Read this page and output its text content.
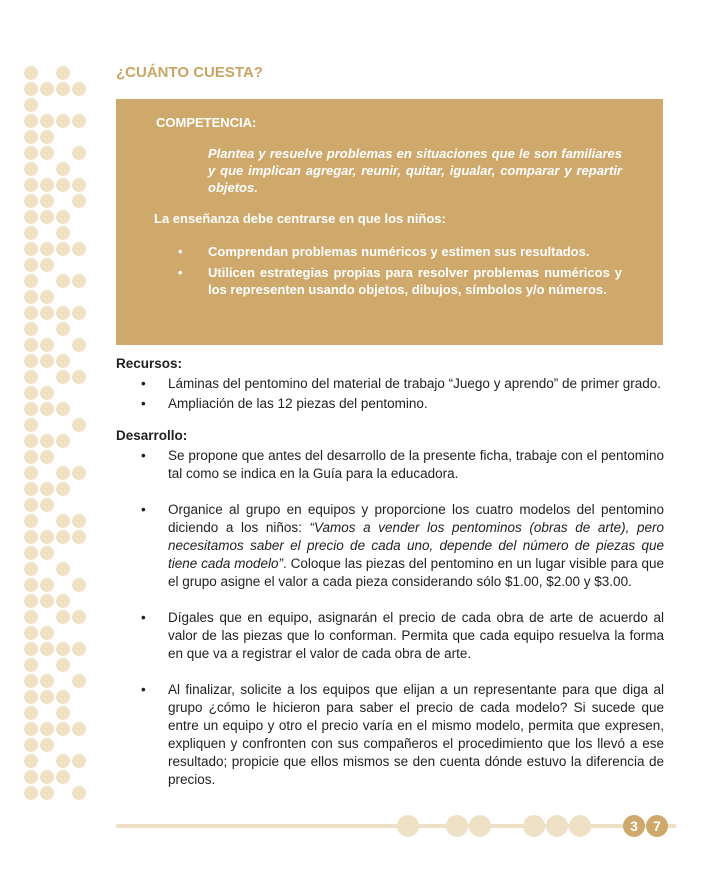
¿CUÁNTO CUESTA?
COMPETENCIA:
Plantea y resuelve problemas en situaciones que le son familiares y que implican agregar, reunir, quitar, igualar, comparar y repartir objetos.
La enseñanza debe centrarse en que los niños:
• Comprendan problemas numéricos y estimen sus resultados.
• Utilicen estrategias propias para resolver problemas numéricos y los representen usando objetos, dibujos, símbolos y/o números.
Recursos:
• Láminas del pentomino del material de trabajo “Juego y aprendo” de primer grado.
• Ampliación de las 12 piezas del pentomino.
Desarrollo:
• Se propone que antes del desarrollo de la presente ficha, trabaje con el pentomino tal como se indica en la Guía para la educadora.
• Organice al grupo en equipos y proporcione los cuatro modelos del pentomino diciendo a los niños: “Vamos a vender los pentominos (obras de arte), pero necesitamos saber el precio de cada uno, depende del número de piezas que tiene cada modelo”. Coloque las piezas del pentomino en un lugar visible para que el grupo asigne el valor a cada pieza considerando sólo $1.00, $2.00 y $3.00.
• Dígales que en equipo, asignarán el precio de cada obra de arte de acuerdo al valor de las piezas que lo conforman. Permita que cada equipo resuelva la forma en que va a registrar el valor de cada obra de arte.
• Al finalizar, solicite a los equipos que elijan a un representante para que diga al grupo ¿cómo le hicieron para saber el precio de cada modelo? Si sucede que entre un equipo y otro el precio varía en el mismo modelo, permita que expresen, expliquen y confronten con sus compañeros el procedimiento que los llevó a ese resultado; propicie que ellos mismos se den cuenta dónde estuvo la diferencia de precios.
3	7
